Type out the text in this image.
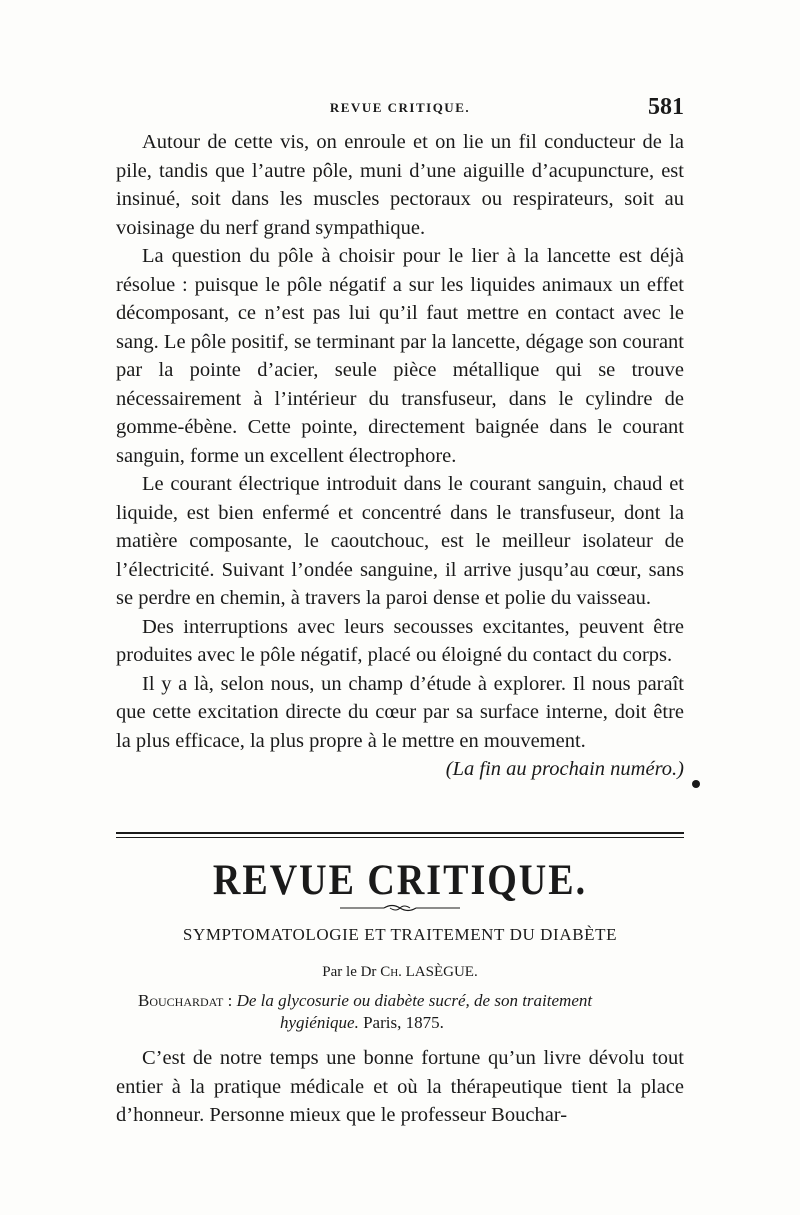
REVUE CRITIQUE.	581

Autour de cette vis, on enroule et on lie un fil conducteur de la pile, tandis que l’autre pôle, muni d’une aiguille d’acupuncture, est insinué, soit dans les muscles pectoraux ou respirateurs, soit au voisinage du nerf grand sympathique.

La question du pôle à choisir pour le lier à la lancette est déjà résolue : puisque le pôle négatif a sur les liquides animaux un effet décomposant, ce n’est pas lui qu’il faut mettre en contact avec le sang. Le pôle positif, se terminant par la lancette, dégage son courant par la pointe d’acier, seule pièce métallique qui se trouve nécessairement à l’intérieur du transfuseur, dans le cylindre de gomme-ébène. Cette pointe, directement baignée dans le courant sanguin, forme un excellent électrophore.

Le courant électrique introduit dans le courant sanguin, chaud et liquide, est bien enfermé et concentré dans le transfuseur, dont la matière composante, le caoutchouc, est le meilleur isolateur de l’électricité. Suivant l’ondée sanguine, il arrive jusqu’au cœur, sans se perdre en chemin, à travers la paroi dense et polie du vaisseau.

Des interruptions avec leurs secousses excitantes, peuvent être produites avec le pôle négatif, placé ou éloigné du contact du corps.

Il y a là, selon nous, un champ d’étude à explorer. Il nous paraît que cette excitation directe du cœur par sa surface interne, doit être la plus efficace, la plus propre à le mettre en mouvement.
(La fin au prochain numéro.)

REVUE CRITIQUE.
SYMPTOMATOLOGIE ET TRAITEMENT DU DIABÈTE
Par le Dr Ch. LASÈGUE.
Bouchardat : De la glycosurie ou diabète sucré, de son traitement
hygiénique. Paris, 1875.

C’est de notre temps une bonne fortune qu’un livre dévolu tout entier à la pratique médicale et où la thérapeutique tient la place d’honneur. Personne mieux que le professeur Bouchar-
